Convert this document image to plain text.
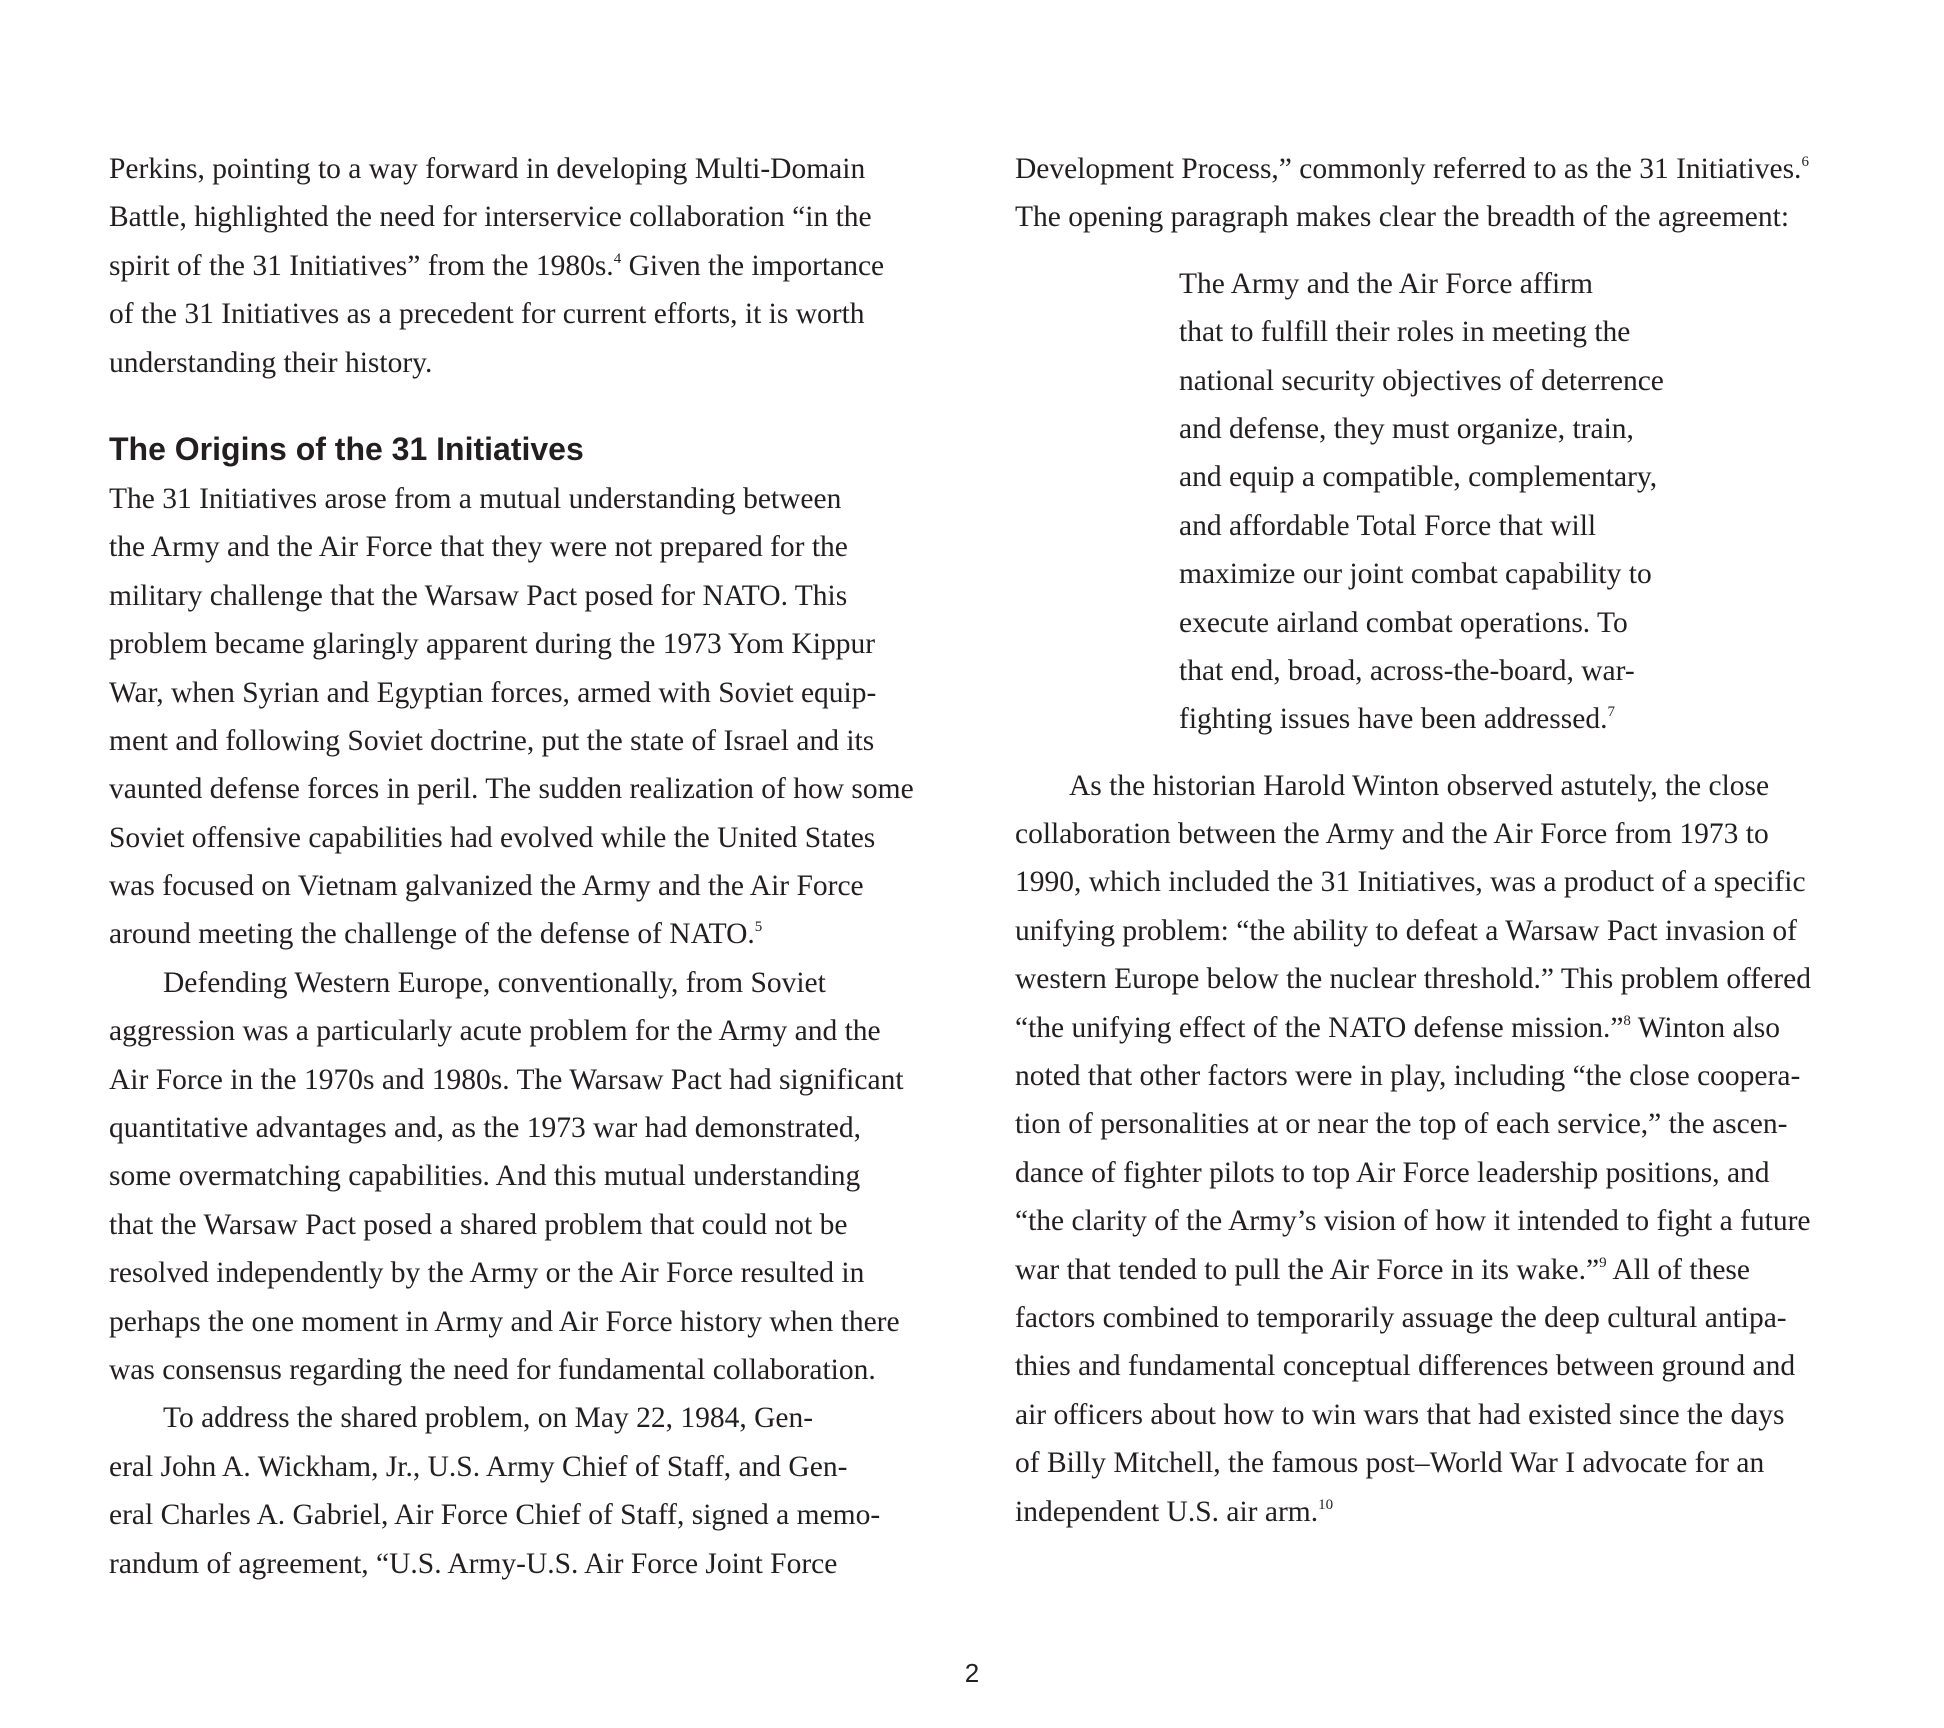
Perkins, pointing to a way forward in developing Multi-Domain
Battle, highlighted the need for interservice collaboration “in the
spirit of the 31 Initiatives” from the 1980s.$^4$ Given the importance
of the 31 Initiatives as a precedent for current efforts, it is worth
understanding their history.
The Origins of the 31 Initiatives
The 31 Initiatives arose from a mutual understanding between
the Army and the Air Force that they were not prepared for the
military challenge that the Warsaw Pact posed for NATO. This
problem became glaringly apparent during the 1973 Yom Kippur
War, when Syrian and Egyptian forces, armed with Soviet equip-
ment and following Soviet doctrine, put the state of Israel and its
vaunted defense forces in peril. The sudden realization of how some
Soviet offensive capabilities had evolved while the United States
was focused on Vietnam galvanized the Army and the Air Force
around meeting the challenge of the defense of NATO.$^5$
Defending Western Europe, conventionally, from Soviet
aggression was a particularly acute problem for the Army and the
Air Force in the 1970s and 1980s. The Warsaw Pact had significant
quantitative advantages and, as the 1973 war had demonstrated,
some overmatching capabilities. And this mutual understanding
that the Warsaw Pact posed a shared problem that could not be
resolved independently by the Army or the Air Force resulted in
perhaps the one moment in Army and Air Force history when there
was consensus regarding the need for fundamental collaboration.
To address the shared problem, on May 22, 1984, Gen-
eral John A. Wickham, Jr., U.S. Army Chief of Staff, and Gen-
eral Charles A. Gabriel, Air Force Chief of Staff, signed a memo-
randum of agreement, “U.S. Army-U.S. Air Force Joint Force
Development Process,” commonly referred to as the 31 Initiatives.$^6$
The opening paragraph makes clear the breadth of the agreement:
The Army and the Air Force affirm
that to fulfill their roles in meeting the
national security objectives of deterrence
and defense, they must organize, train,
and equip a compatible, complementary,
and affordable Total Force that will
maximize our joint combat capability to
execute airland combat operations. To
that end, broad, across-the-board, war-
fighting issues have been addressed.$^7$
As the historian Harold Winton observed astutely, the close
collaboration between the Army and the Air Force from 1973 to
1990, which included the 31 Initiatives, was a product of a specific
unifying problem: “the ability to defeat a Warsaw Pact invasion of
western Europe below the nuclear threshold.” This problem offered
“the unifying effect of the NATO defense mission.”$^8$ Winton also
noted that other factors were in play, including “the close coopera-
tion of personalities at or near the top of each service,” the ascen-
dance of fighter pilots to top Air Force leadership positions, and
“the clarity of the Army’s vision of how it intended to fight a future
war that tended to pull the Air Force in its wake.”$^9$ All of these
factors combined to temporarily assuage the deep cultural antipa-
thies and fundamental conceptual differences between ground and
air officers about how to win wars that had existed since the days
of Billy Mitchell, the famous post–World War I advocate for an
independent U.S. air arm.$^{10}$
2
